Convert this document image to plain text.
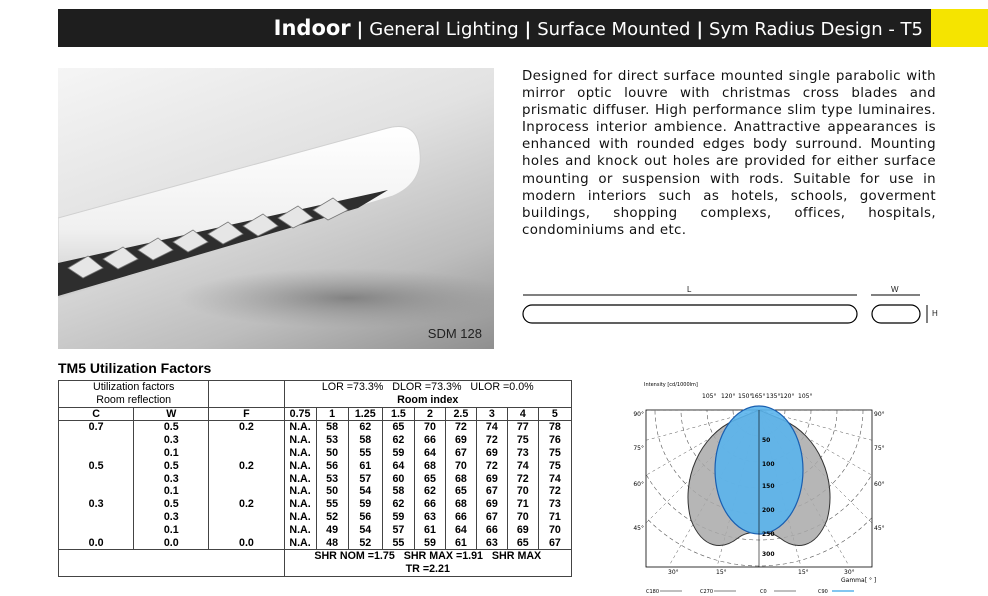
Indoor | General Lighting | Surface Mounted | Sym Radius Design - T5
SDM 128
Designed for direct surface mounted single parabolic with mirror optic louvre with christmas cross blades and prismatic diffuser. High performance slim type luminaires. Inprocess interior ambience. Anattractive appearances is enhanced with rounded edges body surround. Mounting holes and knock out holes are provided for either surface mounting or suspension with rods. Suitable for use in modern interiors such as hotels, schools, goverment buildings, shopping complexs, offices, hospitals, condominiums and etc.
L	W
H
TM5 Utilization Factors
Utilization factors			LOR =73.3%   DLOR =73.3%   ULOR =0.0%								
Room reflection			Room index								
C	W	F	0.75	1	1.25	1.5	2	2.5	3	4	5
0.7	0.5	0.2	N.A.	58	62	65	70	72	74	77	78
	0.3		N.A.	53	58	62	66	69	72	75	76
	0.1		N.A.	50	55	59	64	67	69	73	75
0.5	0.5	0.2	N.A.	56	61	64	68	70	72	74	75
	0.3		N.A.	53	57	60	65	68	69	72	74
	0.1		N.A.	50	54	58	62	65	67	70	72
0.3	0.5	0.2	N.A.	55	59	62	66	68	69	71	73
	0.3		N.A.	52	56	59	63	66	67	70	71
	0.1		N.A.	49	54	57	61	64	66	69	70
0.0	0.0	0.0	N.A.	48	52	55	59	61	63	65	67
			SHR NOM =1.75   SHR MAX =1.91   SHR MAX								
			TR =2.21								
Intensity [cd/1000lm]
105° 120° 150°
165° 135° 120° 105°
90°
75°
60°
45°
90°
75°
60°
45°
30°	15°	15°	30°
Gamma[ ° ]
50
100
150
200
250
300
C180	C270	C0	C90
